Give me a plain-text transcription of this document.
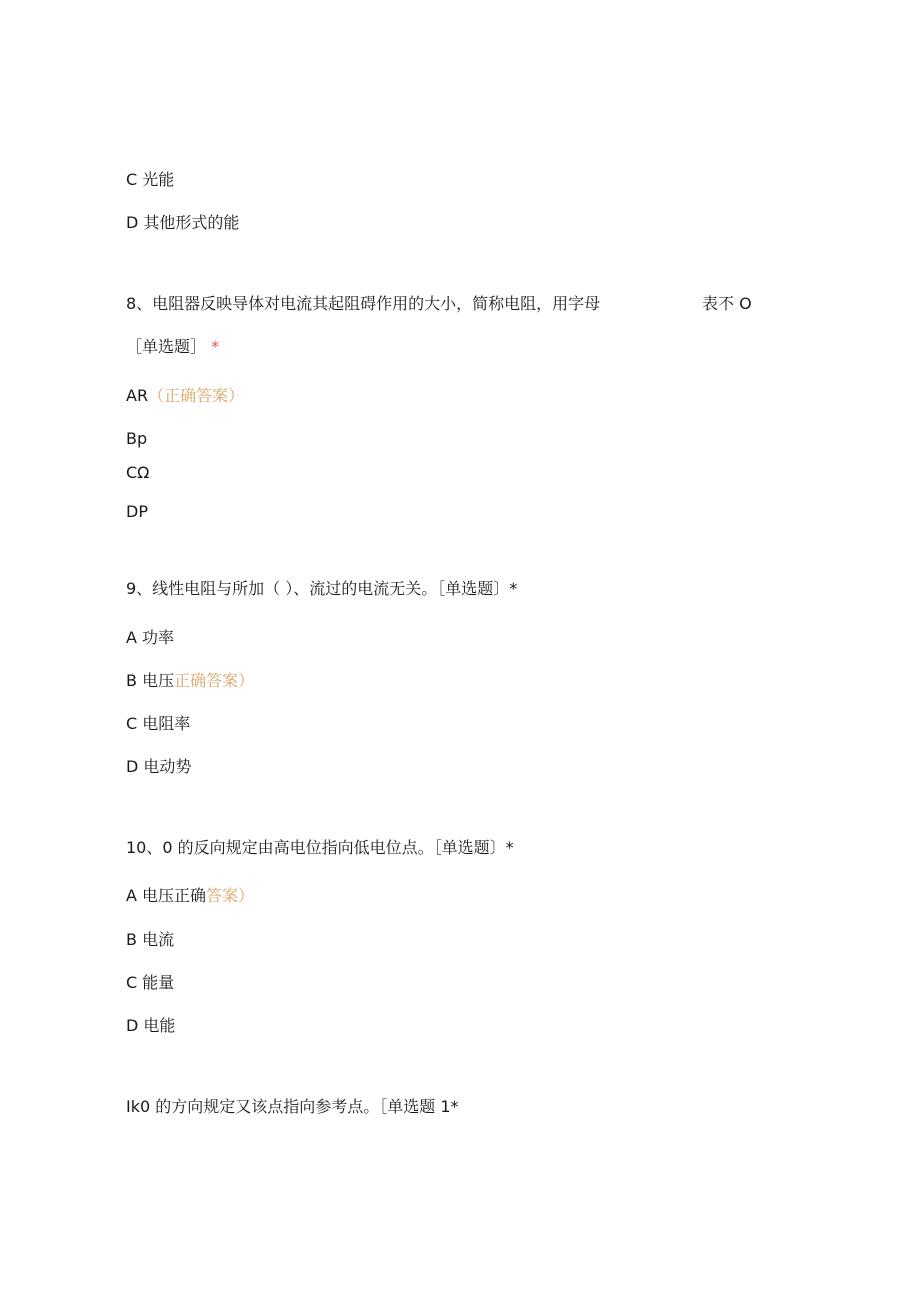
C 光能
D 其他形式的能
8、电阻器反映导体对电流其起阻碍作用的大小，简称电阻，用字母	表不 O
［单选题］ *
AR（正确答案）
Bp
CΩ
DP
9、线性电阻与所加（ ）、流过的电流无关。［单选题〕*
A 功率
B 电压正确答案）
C 电阻率
D 电动势
10、0 的反向规定由高电位指向低电位点。［单选题〕*
A 电压正确答案）
B 电流
C 能量
D 电能
Ik0 的方向规定又该点指向参考点。［单选题 1*
